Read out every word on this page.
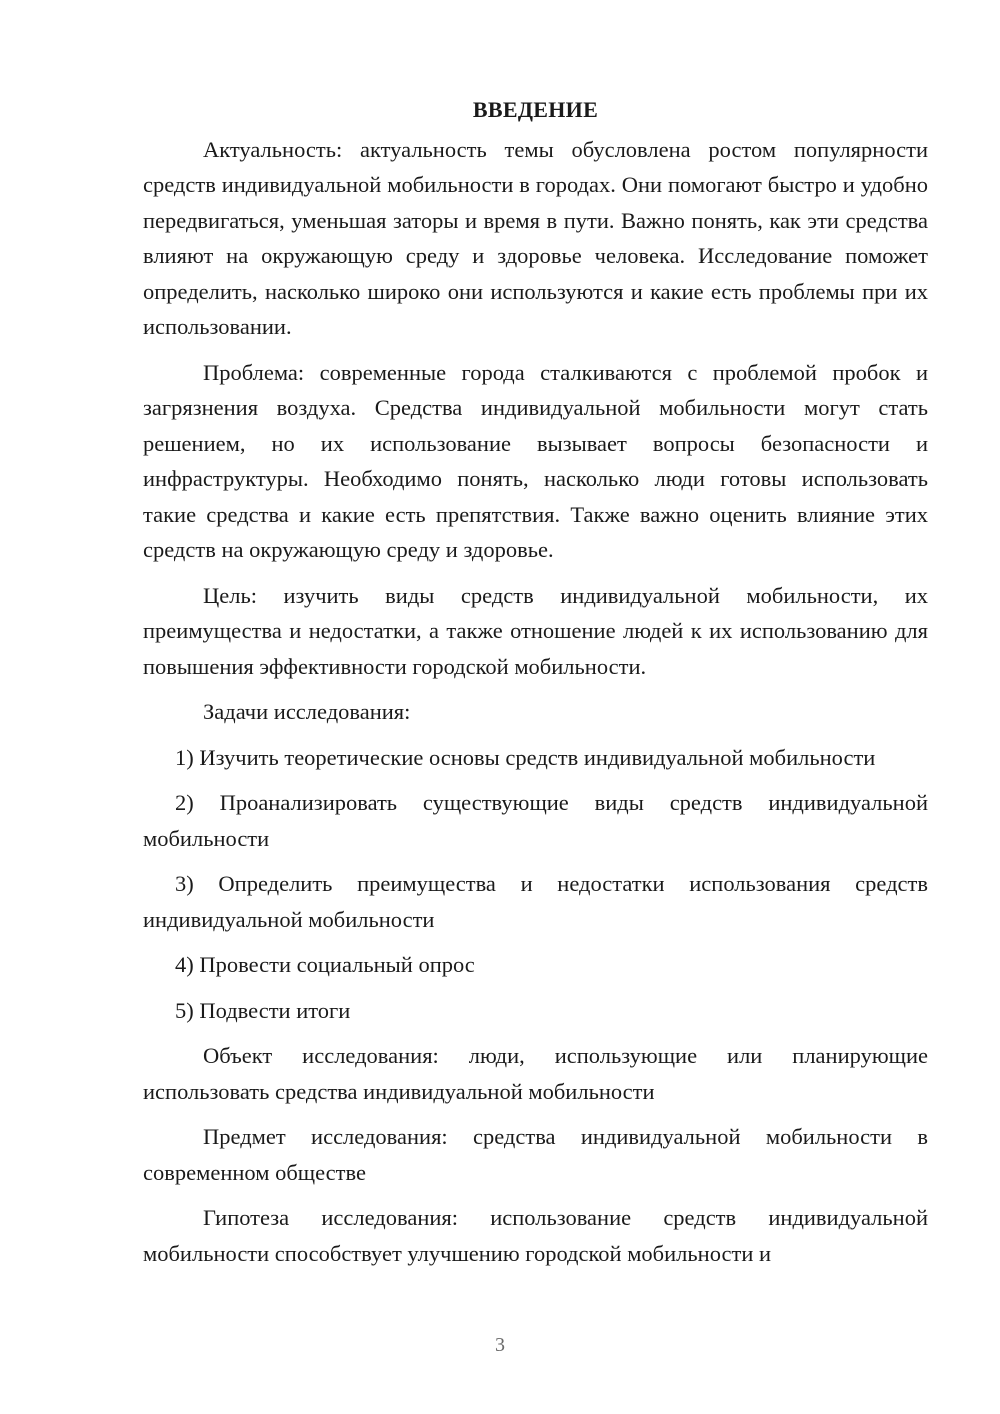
ВВЕДЕНИЕ

Актуальность: актуальность темы обусловлена ростом популярности средств индивидуальной мобильности в городах. Они помогают быстро и удобно передвигаться, уменьшая заторы и время в пути. Важно понять, как эти средства влияют на окружающую среду и здоровье человека. Исследование поможет определить, насколько широко они используются и какие есть проблемы при их использовании.

Проблема: современные города сталкиваются с проблемой пробок и загрязнения воздуха. Средства индивидуальной мобильности могут стать решением, но их использование вызывает вопросы безопасности и инфраструктуры. Необходимо понять, насколько люди готовы использовать такие средства и какие есть препятствия. Также важно оценить влияние этих средств на окружающую среду и здоровье.

Цель: изучить виды средств индивидуальной мобильности, их преимущества и недостатки, а также отношение людей к их использованию для повышения эффективности городской мобильности.

Задачи исследования:

1) Изучить теоретические основы средств индивидуальной мобильности

2) Проанализировать существующие виды средств индивидуальной мобильности

3) Определить преимущества и недостатки использования средств индивидуальной мобильности

4) Провести социальный опрос

5) Подвести итоги

Объект исследования: люди, использующие или планирующие использовать средства индивидуальной мобильности

Предмет исследования: средства индивидуальной мобильности в современном обществе

Гипотеза исследования: использование средств индивидуальной мобильности способствует улучшению городской мобильности и

3
